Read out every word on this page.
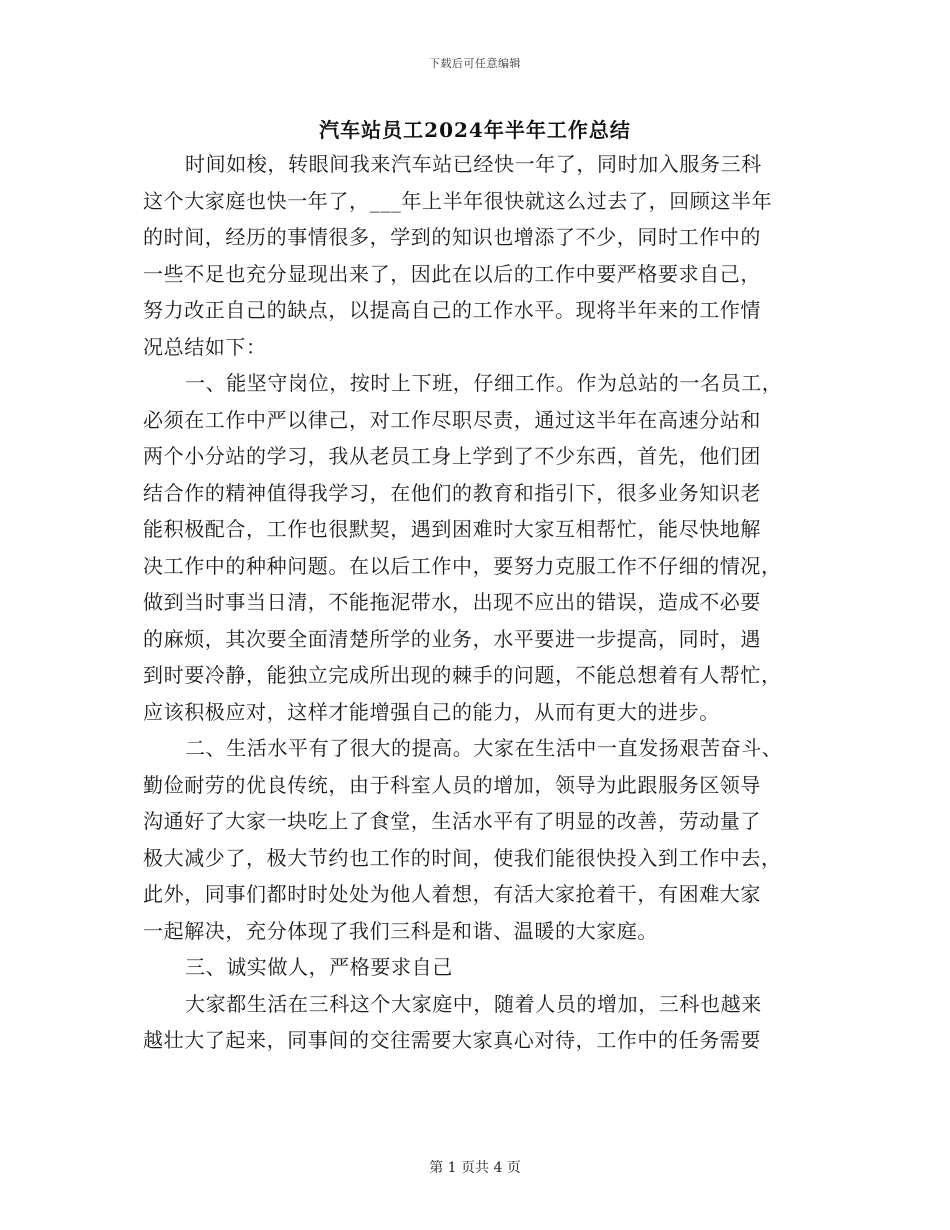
下载后可任意编辑
汽车站员工2024年半年工作总结
时间如梭，转眼间我来汽车站已经快一年了，同时加入服务三科
这个大家庭也快一年了，___年上半年很快就这么过去了，回顾这半年
的时间，经历的事情很多，学到的知识也增添了不少，同时工作中的
一些不足也充分显现出来了，因此在以后的工作中要严格要求自己，
努力改正自己的缺点，以提高自己的工作水平。现将半年来的工作情
况总结如下：
一、能坚守岗位，按时上下班，仔细工作。作为总站的一名员工，
必须在工作中严以律己，对工作尽职尽责，通过这半年在高速分站和
两个小分站的学习，我从老员工身上学到了不少东西，首先，他们团
结合作的精神值得我学习，在他们的教育和指引下，很多业务知识老
能积极配合，工作也很默契，遇到困难时大家互相帮忙，能尽快地解
决工作中的种种问题。在以后工作中，要努力克服工作不仔细的情况，
做到当时事当日清，不能拖泥带水，出现不应出的错误，造成不必要
的麻烦，其次要全面清楚所学的业务，水平要进一步提高，同时，遇
到时要冷静，能独立完成所出现的棘手的问题，不能总想着有人帮忙，
应该积极应对，这样才能增强自己的能力，从而有更大的进步。
二、生活水平有了很大的提高。大家在生活中一直发扬艰苦奋斗、
勤俭耐劳的优良传统，由于科室人员的增加，领导为此跟服务区领导
沟通好了大家一块吃上了食堂，生活水平有了明显的改善，劳动量了
极大减少了，极大节约也工作的时间，使我们能很快投入到工作中去，
此外，同事们都时时处处为他人着想，有活大家抢着干，有困难大家
一起解决，充分体现了我们三科是和谐、温暖的大家庭。
三、诚实做人，严格要求自己
大家都生活在三科这个大家庭中，随着人员的增加，三科也越来
越壮大了起来，同事间的交往需要大家真心对待，工作中的任务需要
第 1 页共 4 页
